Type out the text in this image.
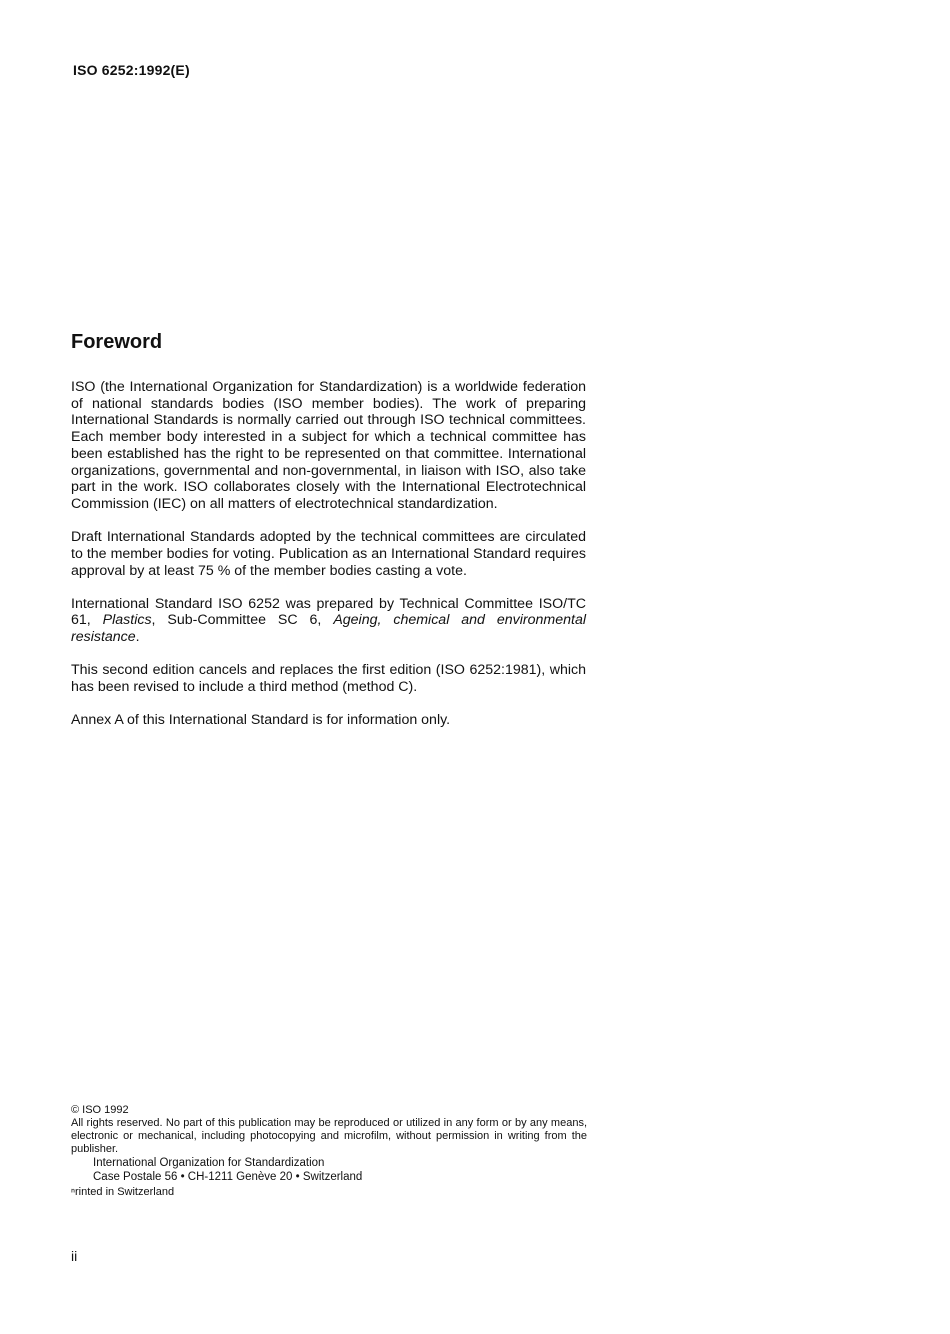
ISO 6252:1992(E)
Foreword

ISO (the International Organization for Standardization) is a worldwide federation of national standards bodies (ISO member bodies). The work of preparing International Standards is normally carried out through ISO technical committees. Each member body interested in a subject for which a technical committee has been established has the right to be represented on that committee. International organizations, governmental and non-governmental, in liaison with ISO, also take part in the work. ISO collaborates closely with the International Electrotechnical Commission (IEC) on all matters of electrotechnical standardization.

Draft International Standards adopted by the technical committees are circulated to the member bodies for voting. Publication as an International Standard requires approval by at least 75 % of the member bodies casting a vote.

International Standard ISO 6252 was prepared by Technical Committee ISO/TC 61, Plastics, Sub-Committee SC 6, Ageing, chemical and environmental resistance.

This second edition cancels and replaces the first edition (ISO 6252:1981), which has been revised to include a third method (method C).

Annex A of this International Standard is for information only.

© ISO 1992
All rights reserved. No part of this publication may be reproduced or utilized in any form or by any means, electronic or mechanical, including photocopying and microfilm, without permission in writing from the publisher.
International Organization for Standardization
Case Postale 56 • CH-1211 Genève 20 • Switzerland
ⁿrinted in Switzerland
ii
